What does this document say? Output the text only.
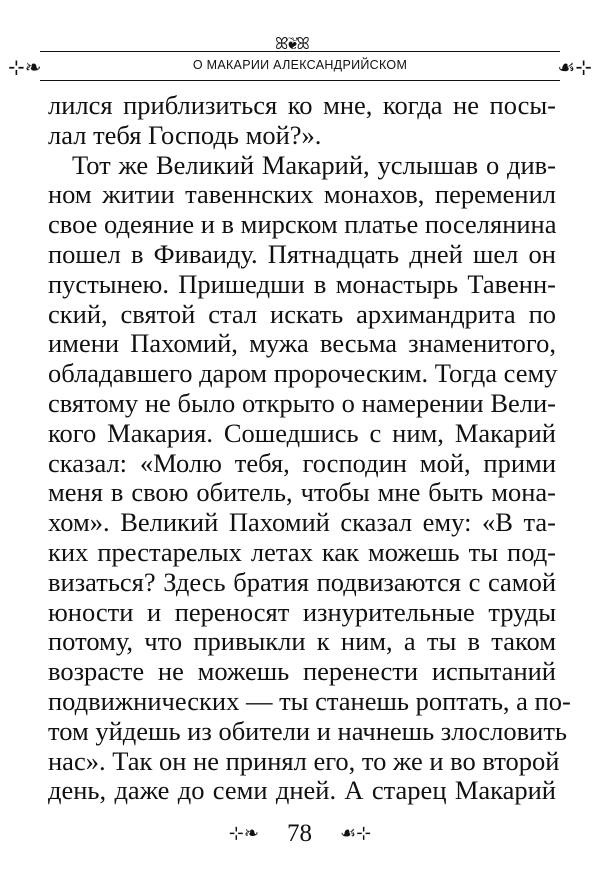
ꕤ❦ꕤ
⊹❧	О МАКАРИИ АЛЕКСАНДРИЙСКОМ	☙⊹
лился приблизиться ко мне, когда не посы-
лал тебя Господь мой?».
Тот же Великий Макарий, услышав о див-
ном житии тавеннских монахов, переменил
свое одеяние и в мирском платье поселянина
пошел в Фиваиду. Пятнадцать дней шел он
пустынею. Пришедши в монастырь Тавенн-
ский, святой стал искать архимандрита по
имени Пахомий, мужа весьма знаменитого,
обладавшего даром пророческим. Тогда сему
святому не было открыто о намерении Вели-
кого Макария. Сошедшись с ним, Макарий
сказал: «Молю тебя, господин мой, прими
меня в свою обитель, чтобы мне быть мона-
хом». Великий Пахомий сказал ему: «В та-
ких престарелых летах как можешь ты под-
визаться? Здесь братия подвизаются с самой
юности и переносят изнурительные труды
потому, что привыкли к ним, а ты в таком
возрасте не можешь перенести испытаний
подвижнических — ты станешь роптать, а по-
том уйдешь из обители и начнешь злословить
нас». Так он не принял его, то же и во второй
день, даже до семи дней. А старец Макарий
⊹❧ 78 ☙⊹
